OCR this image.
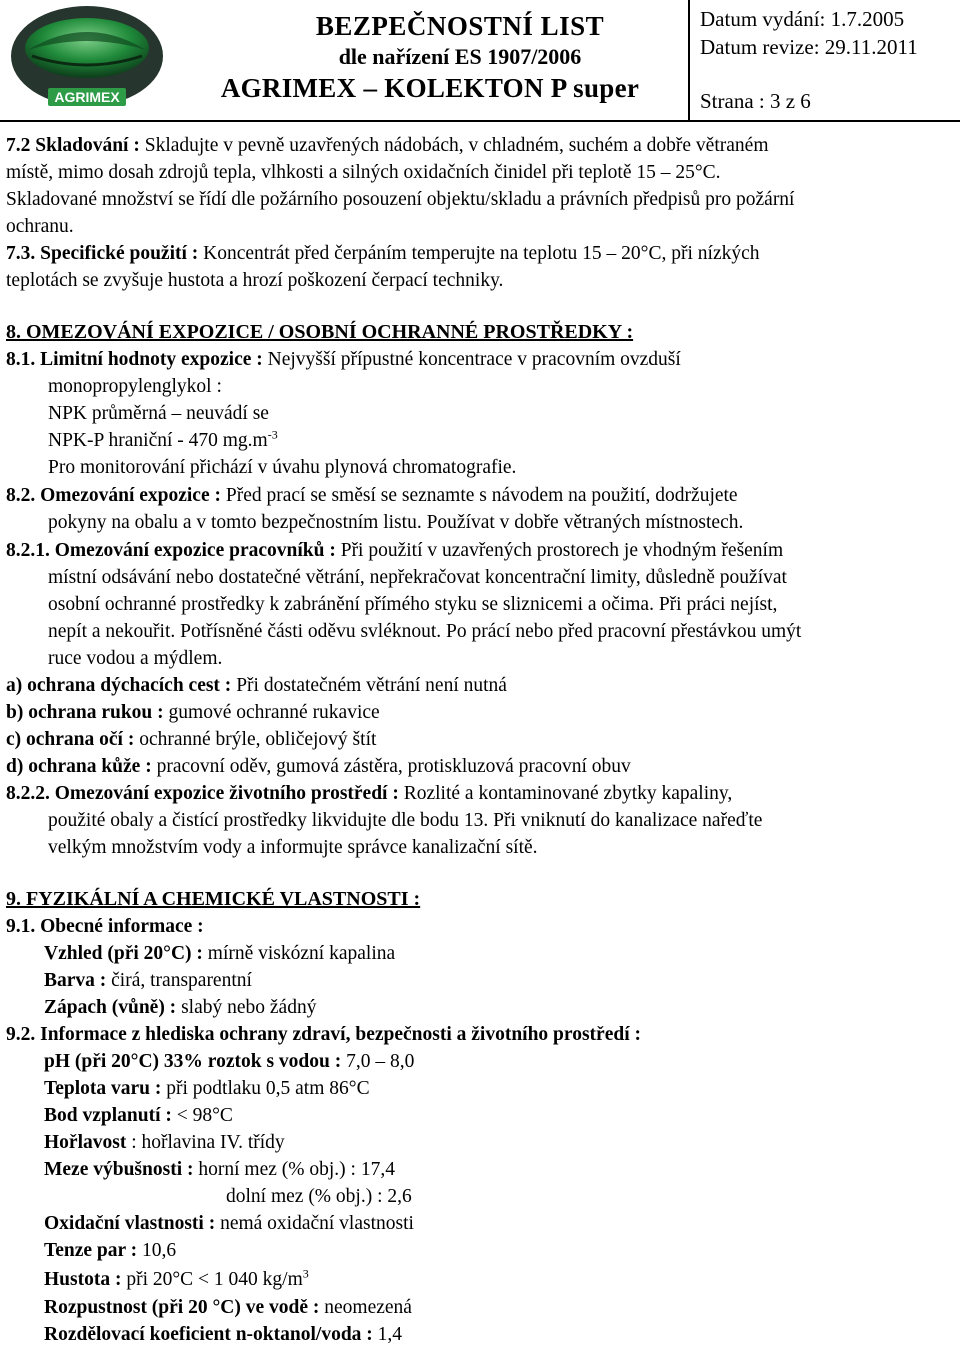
AGRIMEX
BEZPEČNOSTNÍ LIST
dle nařízení ES 1907/2006
AGRIMEX – KOLEKTON P super
Datum vydání: 1.7.2005
Datum revize: 29.11.2011
Strana : 3 z 6
7.2 Skladování : Skladujte v pevně uzavřených nádobách, v chladném, suchém a dobře větraném
místě, mimo dosah zdrojů tepla, vlhkosti a silných oxidačních činidel při teplotě 15 – 25°C.
Skladované množství se řídí dle požárního posouzení objektu/skladu a právních předpisů pro požární
ochranu.
7.3. Specifické použití : Koncentrát před čerpáním temperujte na teplotu 15 – 20°C, při nízkých
teplotách se zvyšuje hustota a hrozí poškození čerpací techniky.
8. OMEZOVÁNÍ EXPOZICE / OSOBNÍ OCHRANNÉ PROSTŘEDKY :
8.1. Limitní hodnoty expozice : Nejvyšší přípustné koncentrace v pracovním ovzduší
monopropylenglykol :
NPK průměrná – neuvádí se
NPK-P hraniční - 470 $mg.m^{-3}$
Pro monitorování přichází v úvahu plynová chromatografie.
8.2. Omezování expozice : Před prací se směsí se seznamte s návodem na použití, dodržujete
pokyny na obalu a v tomto bezpečnostním listu. Používat v dobře větraných místnostech.
8.2.1. Omezování expozice pracovníků : Při použití v uzavřených prostorech je vhodným řešením
místní odsávání nebo dostatečné větrání, nepřekračovat koncentrační limity, důsledně používat
osobní ochranné prostředky k zabránění přímého styku se sliznicemi a očima. Při práci nejíst,
nepít a nekouřit. Potřísněné části oděvu svléknout. Po prácí nebo před pracovní přestávkou umýt
ruce vodou a mýdlem.
a) ochrana dýchacích cest : Při dostatečném větrání není nutná
b) ochrana rukou : gumové ochranné rukavice
c) ochrana očí : ochranné brýle, obličejový štít
d) ochrana kůže : pracovní oděv, gumová zástěra, protiskluzová pracovní obuv
8.2.2. Omezování expozice životního prostředí : Rozlité a kontaminované zbytky kapaliny,
použité obaly a čistící prostředky likvidujte dle bodu 13. Při vniknutí do kanalizace nařeďte
velkým množstvím vody a informujte správce kanalizační sítě.
9. FYZIKÁLNÍ A CHEMICKÉ VLASTNOSTI :
9.1. Obecné informace :
Vzhled (při 20°C) : mírně viskózní kapalina
Barva : čirá, transparentní
Zápach (vůně) : slabý nebo žádný
9.2. Informace z hlediska ochrany zdraví, bezpečnosti a životního prostředí :
pH (při 20°C) 33% roztok s vodou : 7,0 – 8,0
Teplota varu : při podtlaku 0,5 atm 86°C
Bod vzplanutí : < 98°C
Hořlavost : hořlavina IV. třídy
Meze výbušnosti : horní mez (% obj.) : 17,4
dolní mez (% obj.) : 2,6
Oxidační vlastnosti : nemá oxidační vlastnosti
Tenze par : 10,6
Hustota : při 20°C < 1 040 $kg/m^3$
Rozpustnost (při 20 °C) ve vodě : neomezená
Rozdělovací koeficient n-oktanol/voda : 1,4
